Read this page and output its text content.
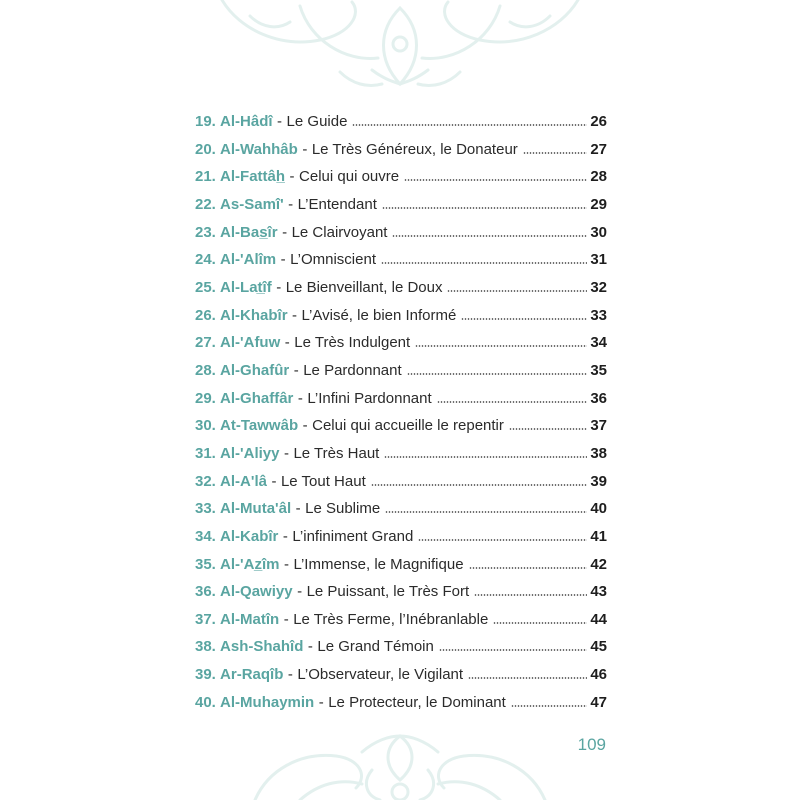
19. Al-Hâdî - Le Guide	26
20. Al-Wahhâb - Le Très Généreux, le Donateur	27
21. Al-Fattâh̲ - Celui qui ouvre	28
22. As-Samî' - L’Entendant	29
23. Al-Bas̲îr - Le Clairvoyant	30
24. Al-'Alîm - L’Omniscient	31
25. Al-Lat̲îf - Le Bienveillant, le Doux	32
26. Al-Khabîr - L’Avisé, le bien Informé	33
27. Al-'Afuw - Le Très Indulgent	34
28. Al-Ghafûr - Le Pardonnant	35
29. Al-Ghaffâr - L’Infini Pardonnant	36
30. At-Tawwâb - Celui qui accueille le repentir	37
31. Al-'Aliyy - Le Très Haut	38
32. Al-A'lâ - Le Tout Haut	39
33. Al-Muta'âl - Le Sublime	40
34. Al-Kabîr - L’infiniment Grand	41
35. Al-'Az̲îm - L’Immense, le Magnifique	42
36. Al-Qawiyy - Le Puissant, le Très Fort	43
37. Al-Matîn - Le Très Ferme, l’Inébranlable	44
38. Ash-Shahîd - Le Grand Témoin	45
39. Ar-Raqîb - L’Observateur, le Vigilant	46
40. Al-Muhaymin - Le Protecteur, le Dominant	47
109
